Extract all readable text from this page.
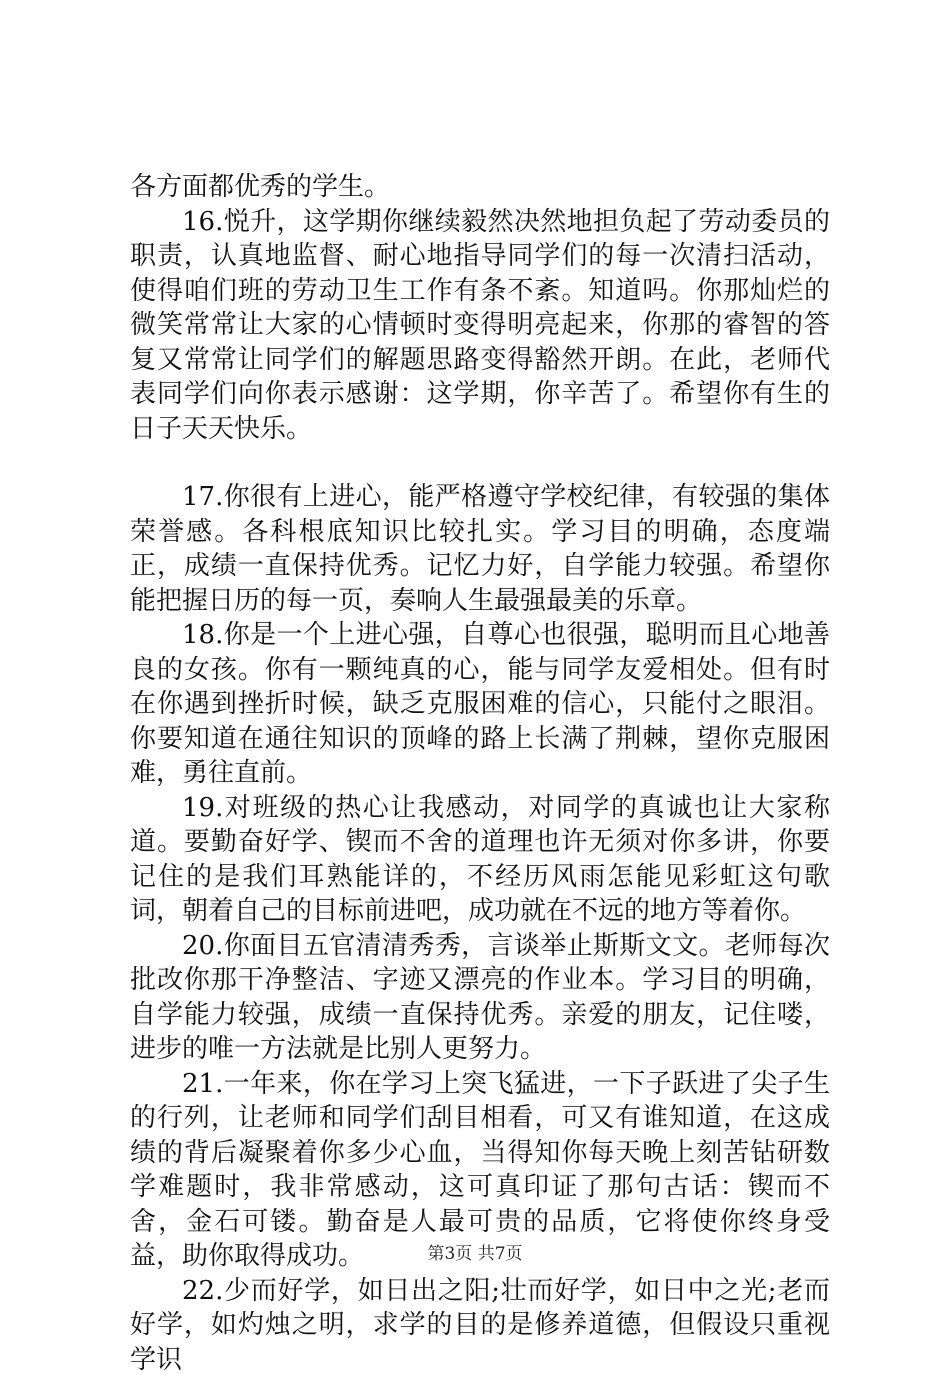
各方面都优秀的学生。

16.悦升，这学期你继续毅然决然地担负起了劳动委员的职责，认真地监督、耐心地指导同学们的每一次清扫活动，使得咱们班的劳动卫生工作有条不紊。知道吗。你那灿烂的微笑常常让大家的心情顿时变得明亮起来，你那的睿智的答复又常常让同学们的解题思路变得豁然开朗。在此，老师代表同学们向你表示感谢：这学期，你辛苦了。希望你有生的日子天天快乐。

17.你很有上进心，能严格遵守学校纪律，有较强的集体荣誉感。各科根底知识比较扎实。学习目的明确，态度端正，成绩一直保持优秀。记忆力好，自学能力较强。希望你能把握日历的每一页，奏响人生最强最美的乐章。

18.你是一个上进心强，自尊心也很强，聪明而且心地善良的女孩。你有一颗纯真的心，能与同学友爱相处。但有时在你遇到挫折时候，缺乏克服困难的信心，只能付之眼泪。你要知道在通往知识的顶峰的路上长满了荆棘，望你克服困难，勇往直前。

19.对班级的热心让我感动，对同学的真诚也让大家称道。要勤奋好学、锲而不舍的道理也许无须对你多讲，你要记住的是我们耳熟能详的，不经历风雨怎能见彩虹这句歌词，朝着自己的目标前进吧，成功就在不远的地方等着你。

20.你面目五官清清秀秀，言谈举止斯斯文文。老师每次批改你那干净整洁、字迹又漂亮的作业本。学习目的明确，自学能力较强，成绩一直保持优秀。亲爱的朋友，记住喽，进步的唯一方法就是比别人更努力。

21.一年来，你在学习上突飞猛进，一下子跃进了尖子生的行列，让老师和同学们刮目相看，可又有谁知道，在这成绩的背后凝聚着你多少心血，当得知你每天晚上刻苦钻研数学难题时，我非常感动，这可真印证了那句古话：锲而不舍，金石可镂。勤奋是人最可贵的品质，它将使你终身受益，助你取得成功。

22.少而好学，如日出之阳;壮而好学，如日中之光;老而好学，如灼烛之明，求学的目的是修养道德，但假设只重视学识

第3页 共7页
